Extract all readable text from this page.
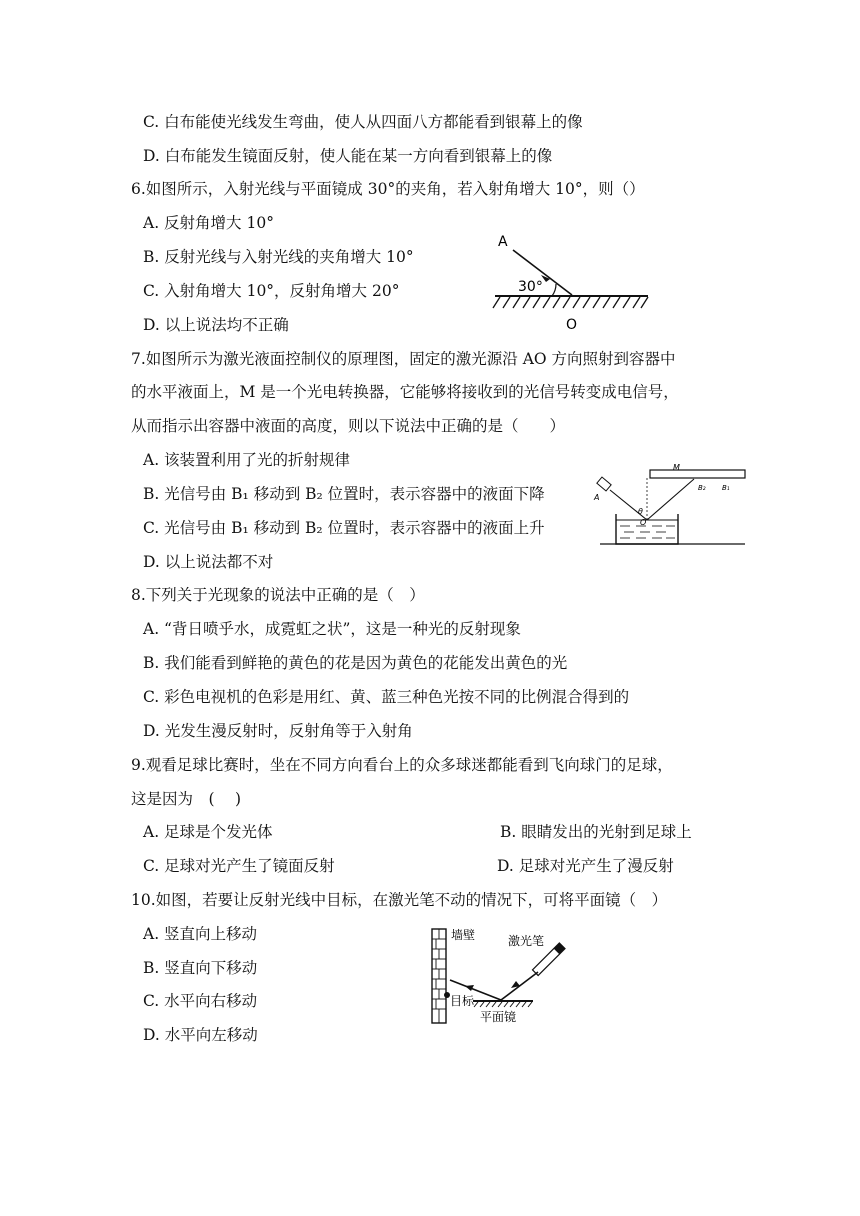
C. 白布能使光线发生弯曲，使人从四面八方都能看到银幕上的像
D. 白布能发生镜面反射，使人能在某一方向看到银幕上的像
6.如图所示，入射光线与平面镜成 30°的夹角，若入射角增大 10°，则（）
A. 反射角增大 10°
B. 反射光线与入射光线的夹角增大 10°
C. 入射角增大 10°，反射角增大 20°
D. 以上说法均不正确
7.如图所示为激光液面控制仪的原理图，固定的激光源沿 AO 方向照射到容器中
的水平液面上，M 是一个光电转换器，它能够将接收到的光信号转变成电信号，
从而指示出容器中液面的高度，则以下说法中正确的是（　　）
A. 该装置利用了光的折射规律
B. 光信号由 B₁ 移动到 B₂ 位置时，表示容器中的液面下降
C. 光信号由 B₁ 移动到 B₂ 位置时，表示容器中的液面上升
D. 以上说法都不对
8.下列关于光现象的说法中正确的是（　）
A. “背日喷乎水，成霓虹之状”，这是一种光的反射现象
B. 我们能看到鲜艳的黄色的花是因为黄色的花能发出黄色的光
C. 彩色电视机的色彩是用红、黄、蓝三种色光按不同的比例混合得到的
D. 光发生漫反射时，反射角等于入射角
9.观看足球比赛时，坐在不同方向看台上的众多球迷都能看到飞向球门的足球，
这是因为　(　 )
A. 足球是个发光体	B. 眼睛发出的光射到足球上
C. 足球对光产生了镜面反射	D. 足球对光产生了漫反射
10.如图，若要让反射光线中目标，在激光笔不动的情况下，可将平面镜（　）
A. 竖直向上移动
B. 竖直向下移动
C. 水平向右移动
D. 水平向左移动
A
30°
O
M
A
θ
O
B₂ B₁
墙壁	激光笔
目标
平面镜
